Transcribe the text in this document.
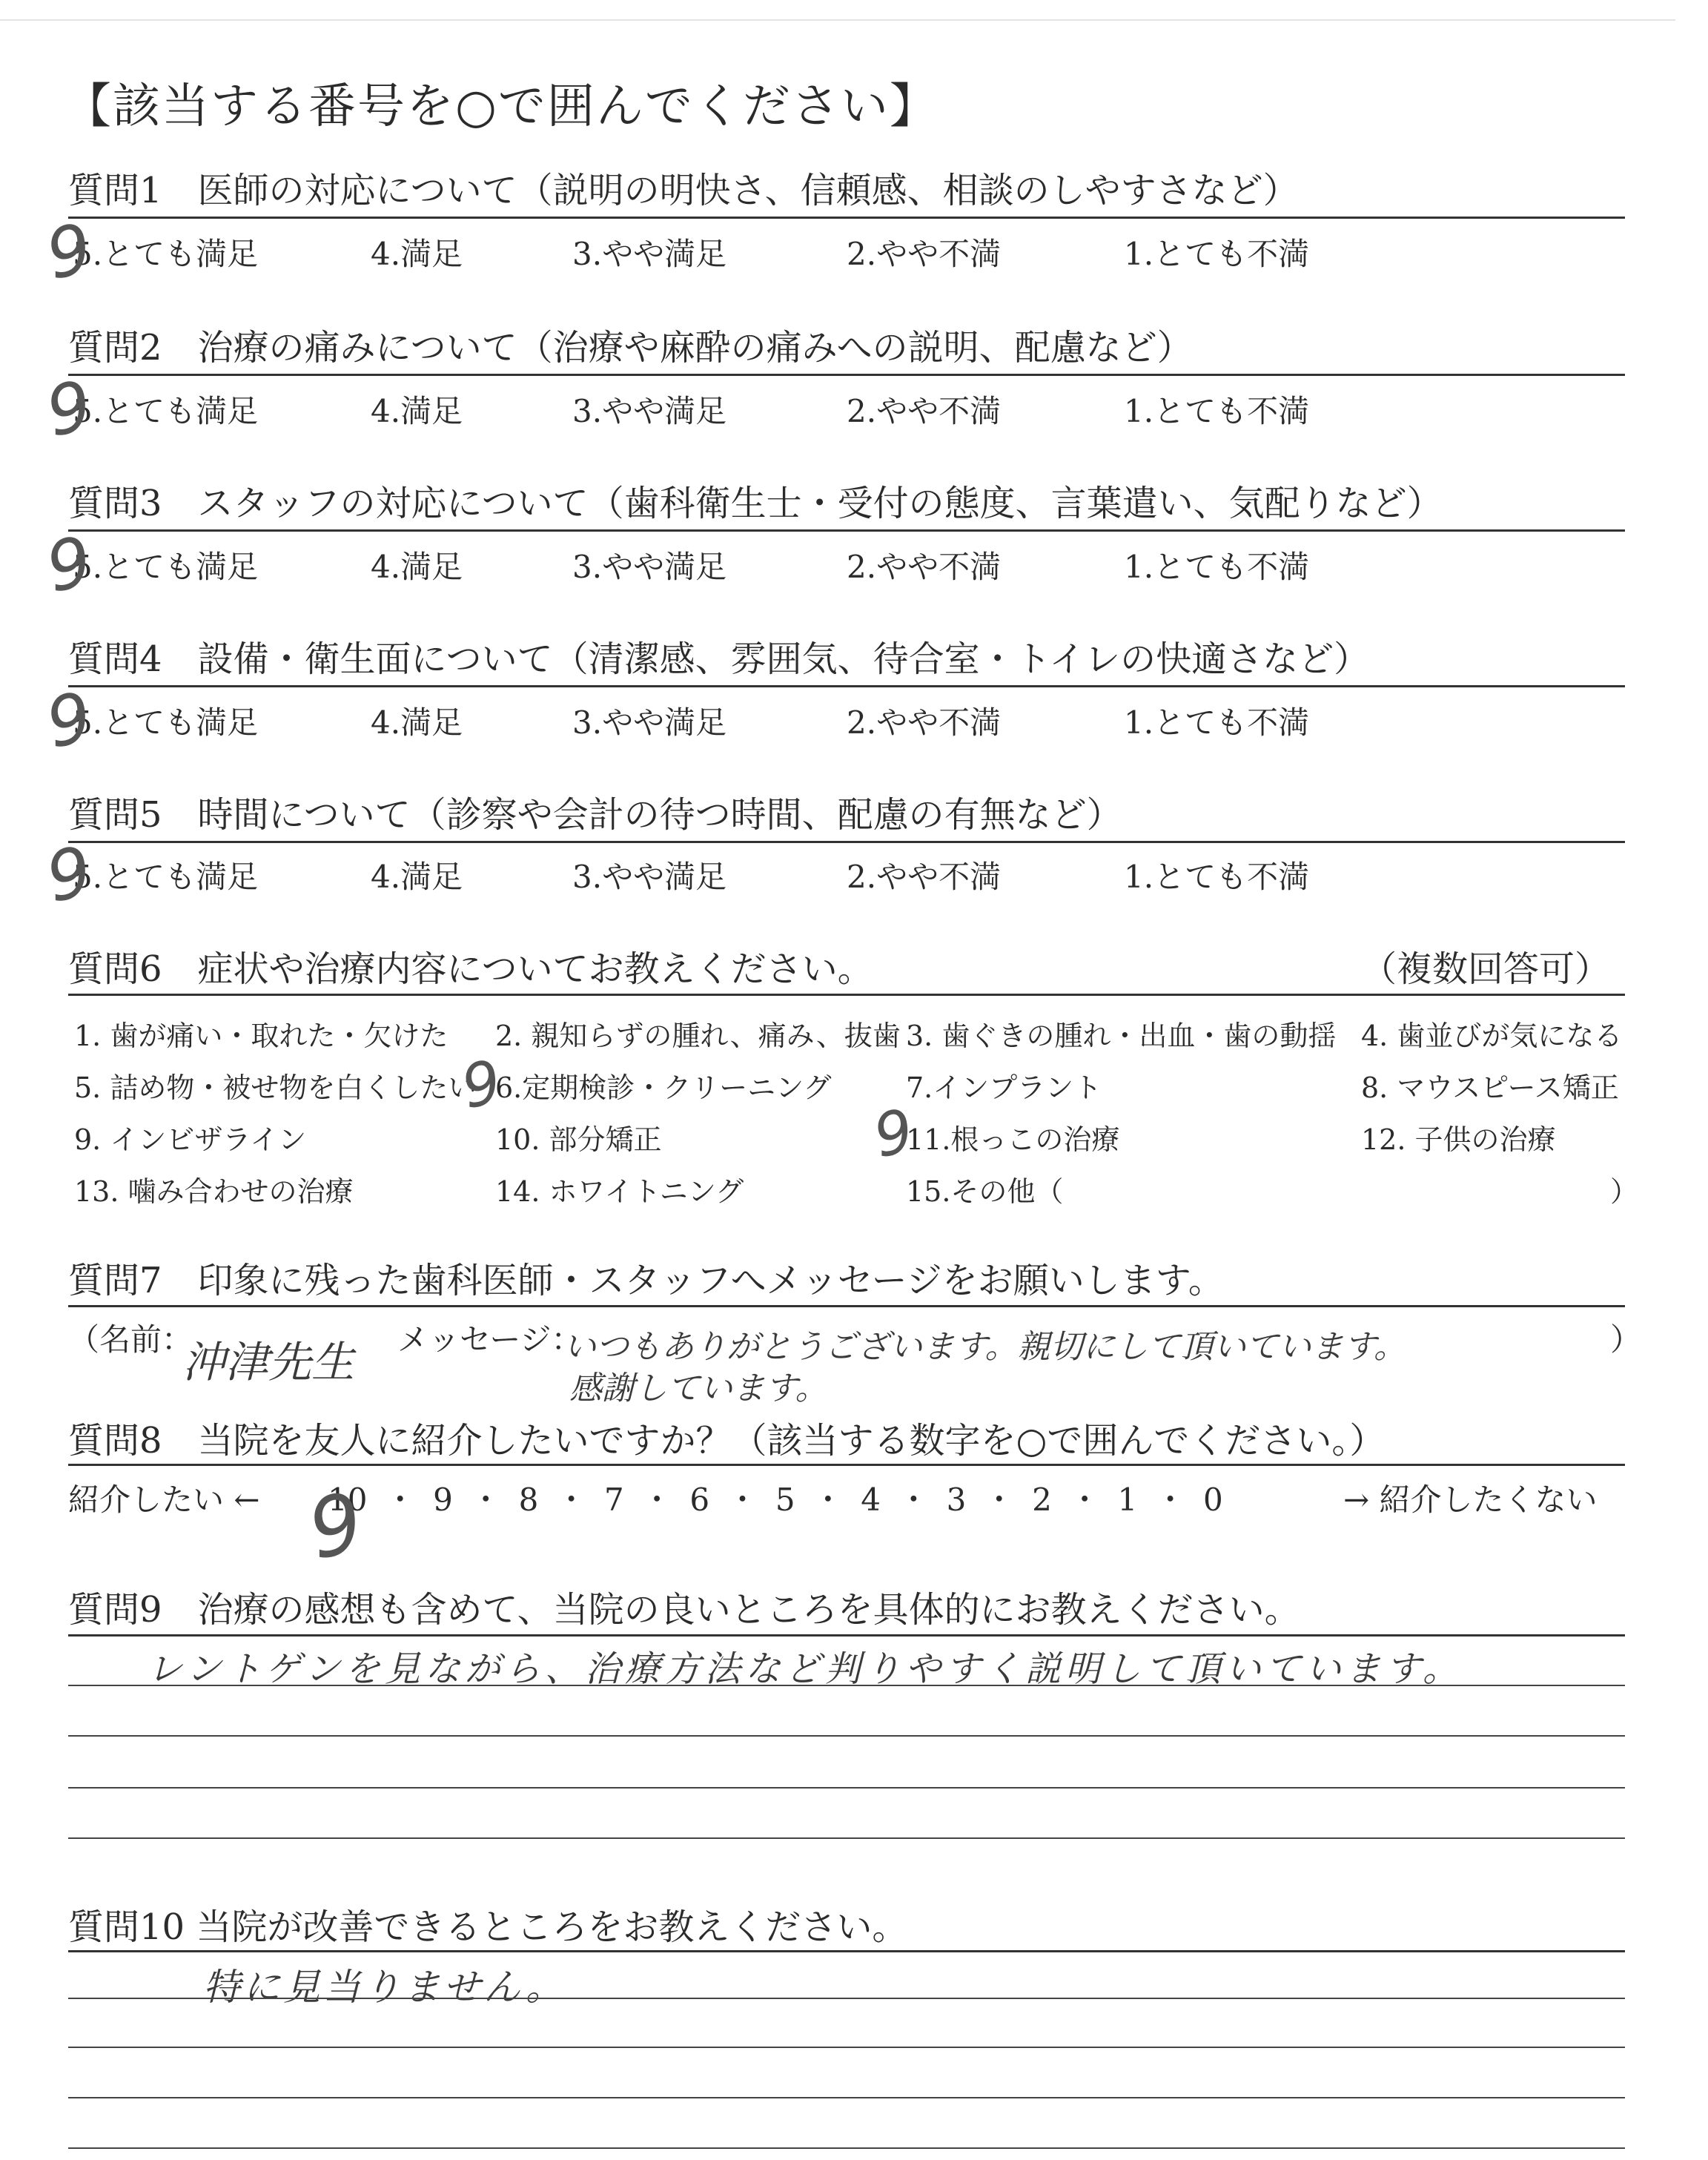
【該当する番号を○で囲んでください】
質問1　医師の対応について（説明の明快さ、信頼感、相談のしやすさなど）
5.とても満足	4.満足	3.やや満足	2.やや不満	1.とても不満
9
質問2　治療の痛みについて（治療や麻酔の痛みへの説明、配慮など）
5.とても満足	4.満足	3.やや満足	2.やや不満	1.とても不満
9
質問3　スタッフの対応について（歯科衛生士・受付の態度、言葉遣い、気配りなど）
5.とても満足	4.満足	3.やや満足	2.やや不満	1.とても不満
9
質問4　設備・衛生面について（清潔感、雰囲気、待合室・トイレの快適さなど）
5.とても満足	4.満足	3.やや満足	2.やや不満	1.とても不満
9
質問5　時間について（診察や会計の待つ時間、配慮の有無など）
5.とても満足	4.満足	3.やや満足	2.やや不満	1.とても不満
9
質問6　症状や治療内容についてお教えください。	（複数回答可）
1. 歯が痛い・取れた・欠けた 2. 親知らずの腫れ、痛み、抜歯 3. 歯ぐきの腫れ・出血・歯の動揺 4. 歯並びが気になる
5. 詰め物・被せ物を白くしたい 6.定期検診・クリーニング	7.インプラント	8. マウスピース矯正
9. インビザライン	10. 部分矯正	11.根っこの治療	12. 子供の治療
13. 噛み合わせの治療	14. ホワイトニング	15.その他（	）
9
9
質問7　印象に残った歯科医師・スタッフへメッセージをお願いします。
（名前：
沖津先生 メッセージ：
いつもありがとうございます。親切にして頂いています。
感謝しています。
）
質問8　当院を友人に紹介したいですか？（該当する数字を○で囲んでください。）
紹介したい ← 10 ・ 9 ・ 8 ・ 7 ・ 6 ・ 5 ・ 4 ・ 3 ・ 2 ・ 1 ・ 0	→ 紹介したくない
9
質問9　治療の感想も含めて、当院の良いところを具体的にお教えください。
レントゲンを見ながら、治療方法など判りやすく説明して頂いています。
質問10 当院が改善できるところをお教えください。
特に見当りません。
